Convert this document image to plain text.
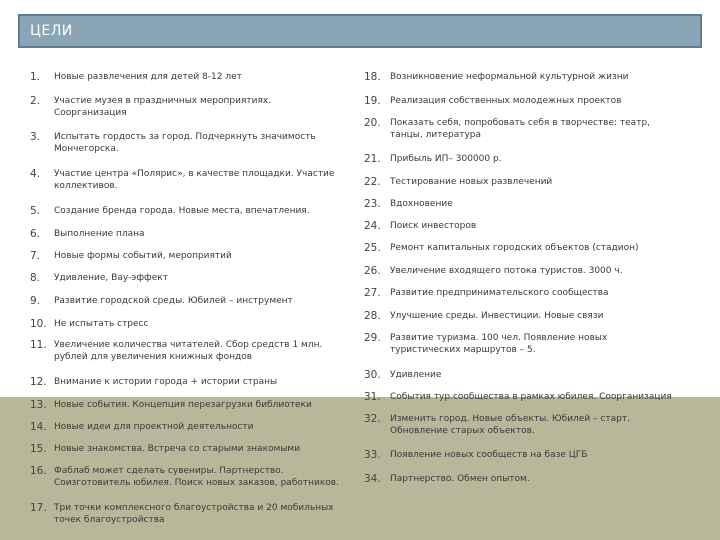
ЦЕЛИ
1.	Новые развлечения для детей 8-12 лет
2.	Участие музея в праздничных мероприятиях. Соорганизация
3.	Испытать гордость за город. Подчеркнуть значимость Мончегорска.
4.	Участие центра «Полярис», в качестве площадки. Участие коллективов.
5.	Создание бренда города. Новые места, впечатления.
6.	Выполнение плана
7.	Новые формы событий, мероприятий
8.	Удивление, Вау-эффект
9.	Развитие городской среды. Юбилей – инструмент
10. Не испытать стресс
11. Увеличение количества читателей. Сбор средств 1 млн. рублей для увеличения книжных фондов
12. Внимание к истории города + истории страны
13. Новые события. Концепция перезагрузки библиотеки
14. Новые идеи для проектной деятельности
15. Новые знакомства. Встреча со старыми знакомыми
16. Фаблаб может сделать сувениры. Партнерство. Соизготовитель юбилея. Поиск новых заказов, работников.
17. Три точки комплексного благоустройства и 20 мобильных точек благоустройства
18.	Возникновение неформальной культурной жизни
19.	Реализация собственных молодежных проектов
20.	Показать себя, попробовать себя в творчестве: театр, танцы, литература
21.	Прибыль ИП– 300000 р.
22.	Тестирование новых развлечений
23.	Вдохновение
24.	Поиск инвесторов
25.	Ремонт капитальных городских объектов (стадион)
26.	Увеличение входящего потока туристов. 3000 ч.
27.	Развитие предпринимательского сообщества
28.	Улучшение среды. Инвестиции. Новые связи
29.	Развитие туризма. 100 чел. Появление новых туристических маршрутов – 5.
30.	Удивление
31.	События тур.сообщества в рамках юбилея. Соорганизация
32.	Изменить город. Новые объекты. Юбилей – старт. Обновление старых объектов.
33.	Появление новых сообществ на базе ЦГБ
34.	Партнерство. Обмен опытом.
